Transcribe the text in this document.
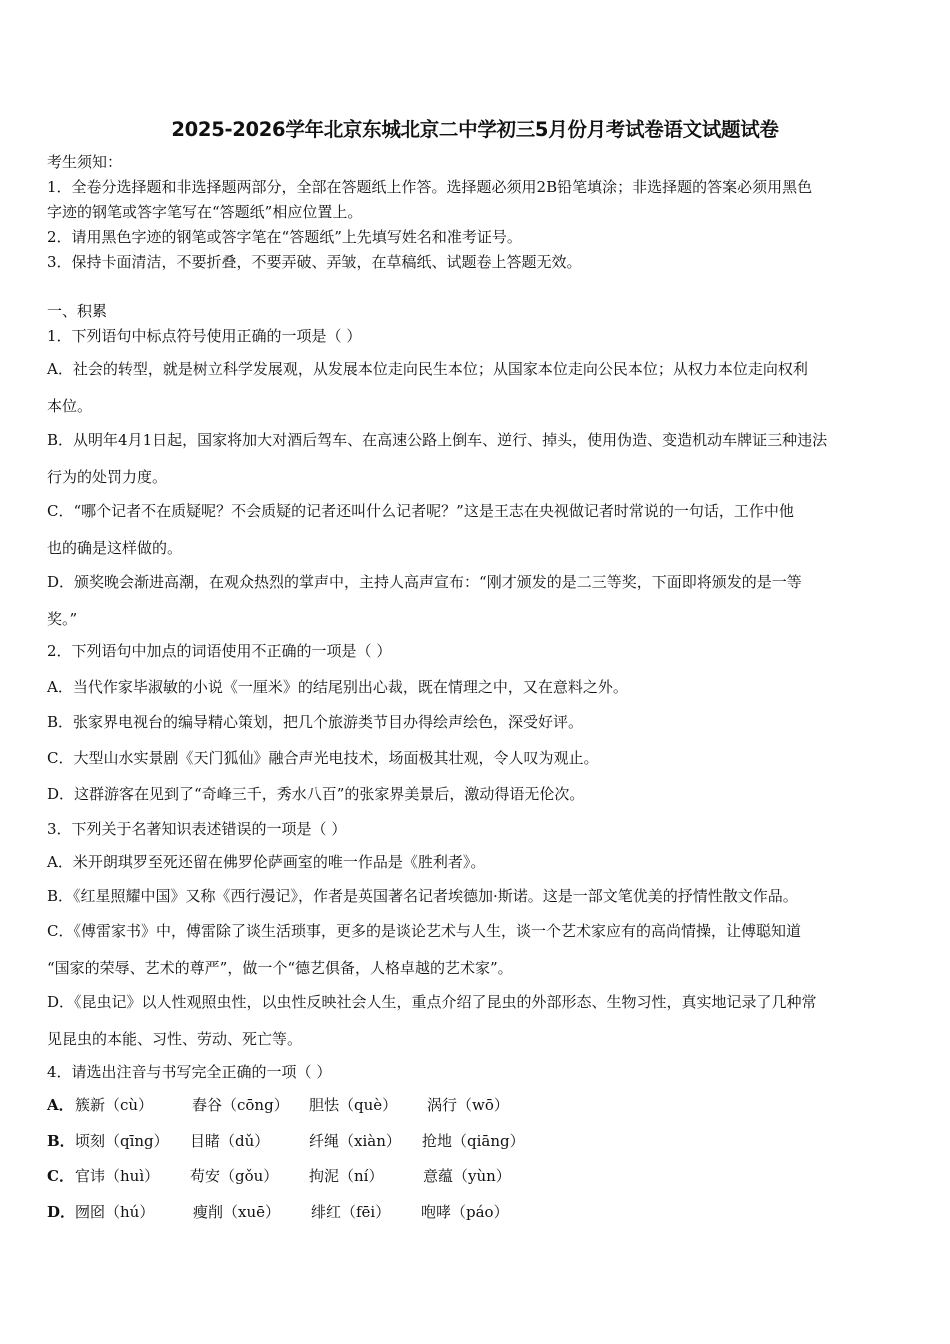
2025-2026学年北京东城北京二中学初三5月份月考试卷语文试题试卷
考生须知：
1．全卷分选择题和非选择题两部分，全部在答题纸上作答。选择题必须用2B铅笔填涂；非选择题的答案必须用黑色
字迹的钢笔或答字笔写在“答题纸”相应位置上。
2．请用黑色字迹的钢笔或答字笔在“答题纸”上先填写姓名和准考证号。
3．保持卡面清洁，不要折叠，不要弄破、弄皱，在草稿纸、试题卷上答题无效。
一、积累
1．下列语句中标点符号使用正确的一项是（ ）
A．社会的转型，就是树立科学发展观，从发展本位走向民生本位；从国家本位走向公民本位；从权力本位走向权利
本位。
B．从明年4月1日起，国家将加大对酒后驾车、在高速公路上倒车、逆行、掉头，使用伪造、变造机动车牌证三种违法
行为的处罚力度。
C．“哪个记者不在质疑呢？不会质疑的记者还叫什么记者呢？”这是王志在央视做记者时常说的一句话，工作中他
也的确是这样做的。
D．颁奖晚会渐进高潮，在观众热烈的掌声中，主持人高声宣布：“刚才颁发的是二三等奖，下面即将颁发的是一等
奖。”
2．下列语句中加点的词语使用不正确的一项是（ ）
A．当代作家毕淑敏的小说《一厘米》的结尾别出心裁，既在情理之中，又在意料之外。
B．张家界电视台的编导精心策划，把几个旅游类节目办得绘声绘色，深受好评。
C．大型山水实景剧《天门狐仙》融合声光电技术，场面极其壮观，令人叹为观止。
D．这群游客在见到了“奇峰三千，秀水八百”的张家界美景后，激动得语无伦次。
3．下列关于名著知识表述错误的一项是（ ）
A．米开朗琪罗至死还留在佛罗伦萨画室的唯一作品是《胜利者》。
B．《红星照耀中国》又称《西行漫记》，作者是英国著名记者埃德加·斯诺。这是一部文笔优美的抒情性散文作品。
C．《傅雷家书》中，傅雷除了谈生活琐事，更多的是谈论艺术与人生，谈一个艺术家应有的高尚情操，让傅聪知道
“国家的荣辱、艺术的尊严”，做一个“德艺俱备，人格卓越的艺术家”。
D．《昆虫记》以人性观照虫性，以虫性反映社会人生，重点介绍了昆虫的外部形态、生物习性，真实地记录了几种常
见昆虫的本能、习性、劳动、死亡等。
4．请选出注音与书写完全正确的一项（ ）
A． 簇新（cù）	舂谷（cōng） 胆怯（què） 涡行（wō）
B． 顷刻（qīng） 目睹（dǔ）	纤绳（xiàn） 抢地（qiāng）
C． 官讳（huì） 苟安（gǒu） 拘泥（ní）	意蕴（yùn）
D． 囫囵（hú）	瘦削（xuē） 绯红（fēi） 咆哮（páo）
